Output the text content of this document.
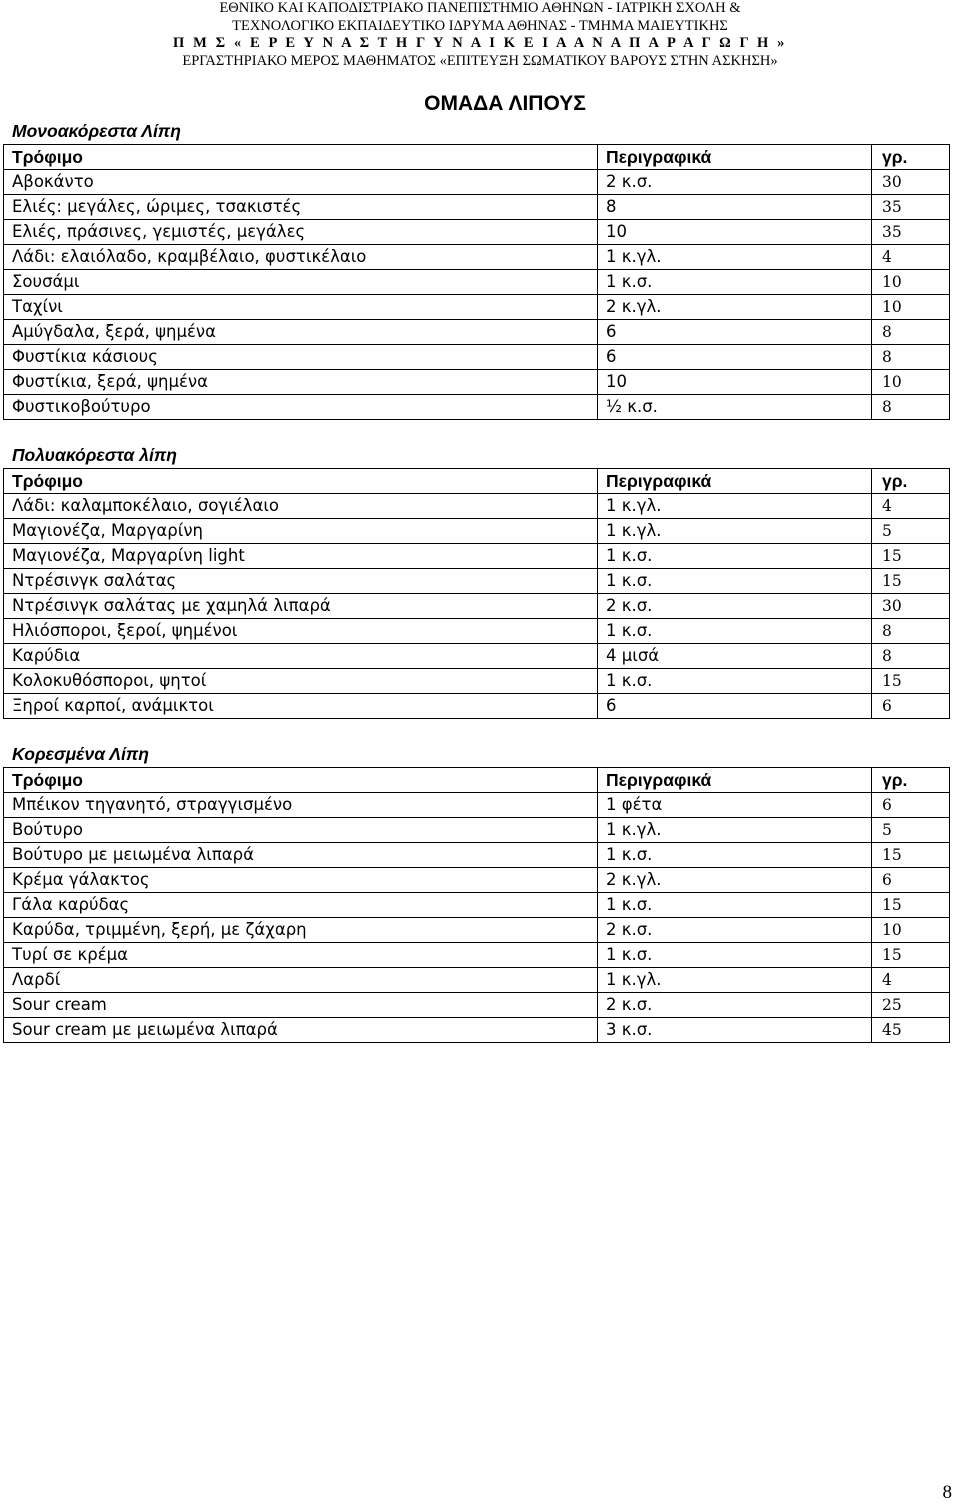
ΕΘΝΙΚΟ ΚΑΙ ΚΑΠΟΔΙΣΤΡΙΑΚΟ ΠΑΝΕΠΙΣΤΗΜΙΟ ΑΘΗΝΩΝ - ΙΑΤΡΙΚΗ ΣΧΟΛΗ &
ΤΕΧΝΟΛΟΓΙΚΟ ΕΚΠΑΙΔΕΥΤΙΚΟ ΙΔΡΥΜΑ ΑΘΗΝΑΣ - ΤΜΗΜΑ ΜΑΙΕΥΤΙΚΗΣ
Π Μ Σ « Ε Ρ Ε Υ Ν Α Σ Τ Η Γ Υ Ν Α Ι Κ Ε Ι Α Α Ν Α Π Α Ρ Α Γ Ω Γ Η »
ΕΡΓΑΣΤΗΡΙΑΚΟ ΜΕΡΟΣ ΜΑΘΗΜΑΤΟΣ «ΕΠΙΤΕΥΞΗ ΣΩΜΑΤΙΚΟΥ ΒΑΡΟΥΣ ΣΤΗΝ ΑΣΚΗΣΗ»
ΟΜΑΔΑ ΛΙΠΟΥΣ
Μονοακόρεστα Λίπη
Τρόφιμο	Περιγραφικά	γρ.
Αβοκάντο	2 κ.σ.	30
Ελιές: μεγάλες, ώριμες, τσακιστές	8	35
Ελιές, πράσινες, γεμιστές, μεγάλες	10	35
Λάδι: ελαιόλαδο, κραμβέλαιο, φυστικέλαιο	1 κ.γλ.	4
Σουσάμι	1 κ.σ.	10
Ταχίνι	2 κ.γλ.	10
Αμύγδαλα, ξερά, ψημένα	6	8
Φυστίκια κάσιους	6	8
Φυστίκια, ξερά, ψημένα	10	10
Φυστικοβούτυρο	½ κ.σ.	8
Πολυακόρεστα λίπη
Τρόφιμο	Περιγραφικά	γρ.
Λάδι: καλαμποκέλαιο, σογιέλαιο	1 κ.γλ.	4
Μαγιονέζα, Μαργαρίνη	1 κ.γλ.	5
Μαγιονέζα, Μαργαρίνη light	1 κ.σ.	15
Ντρέσινγκ σαλάτας	1 κ.σ.	15
Ντρέσινγκ σαλάτας με χαμηλά λιπαρά	2 κ.σ.	30
Ηλιόσποροι, ξεροί, ψημένοι	1 κ.σ.	8
Καρύδια	4 μισά	8
Κολοκυθόσποροι, ψητοί	1 κ.σ.	15
Ξηροί καρποί, ανάμικτοι	6	6
Κορεσμένα Λίπη
Τρόφιμο	Περιγραφικά	γρ.
Μπέικον τηγανητό, στραγγισμένο	1 φέτα	6
Βούτυρο	1 κ.γλ.	5
Βούτυρο με μειωμένα λιπαρά	1 κ.σ.	15
Κρέμα γάλακτος	2 κ.γλ.	6
Γάλα καρύδας	1 κ.σ.	15
Καρύδα, τριμμένη, ξερή, με ζάχαρη	2 κ.σ.	10
Τυρί σε κρέμα	1 κ.σ.	15
Λαρδί	1 κ.γλ.	4
Sour cream	2 κ.σ.	25
Sour cream με μειωμένα λιπαρά	3 κ.σ.	45
8
